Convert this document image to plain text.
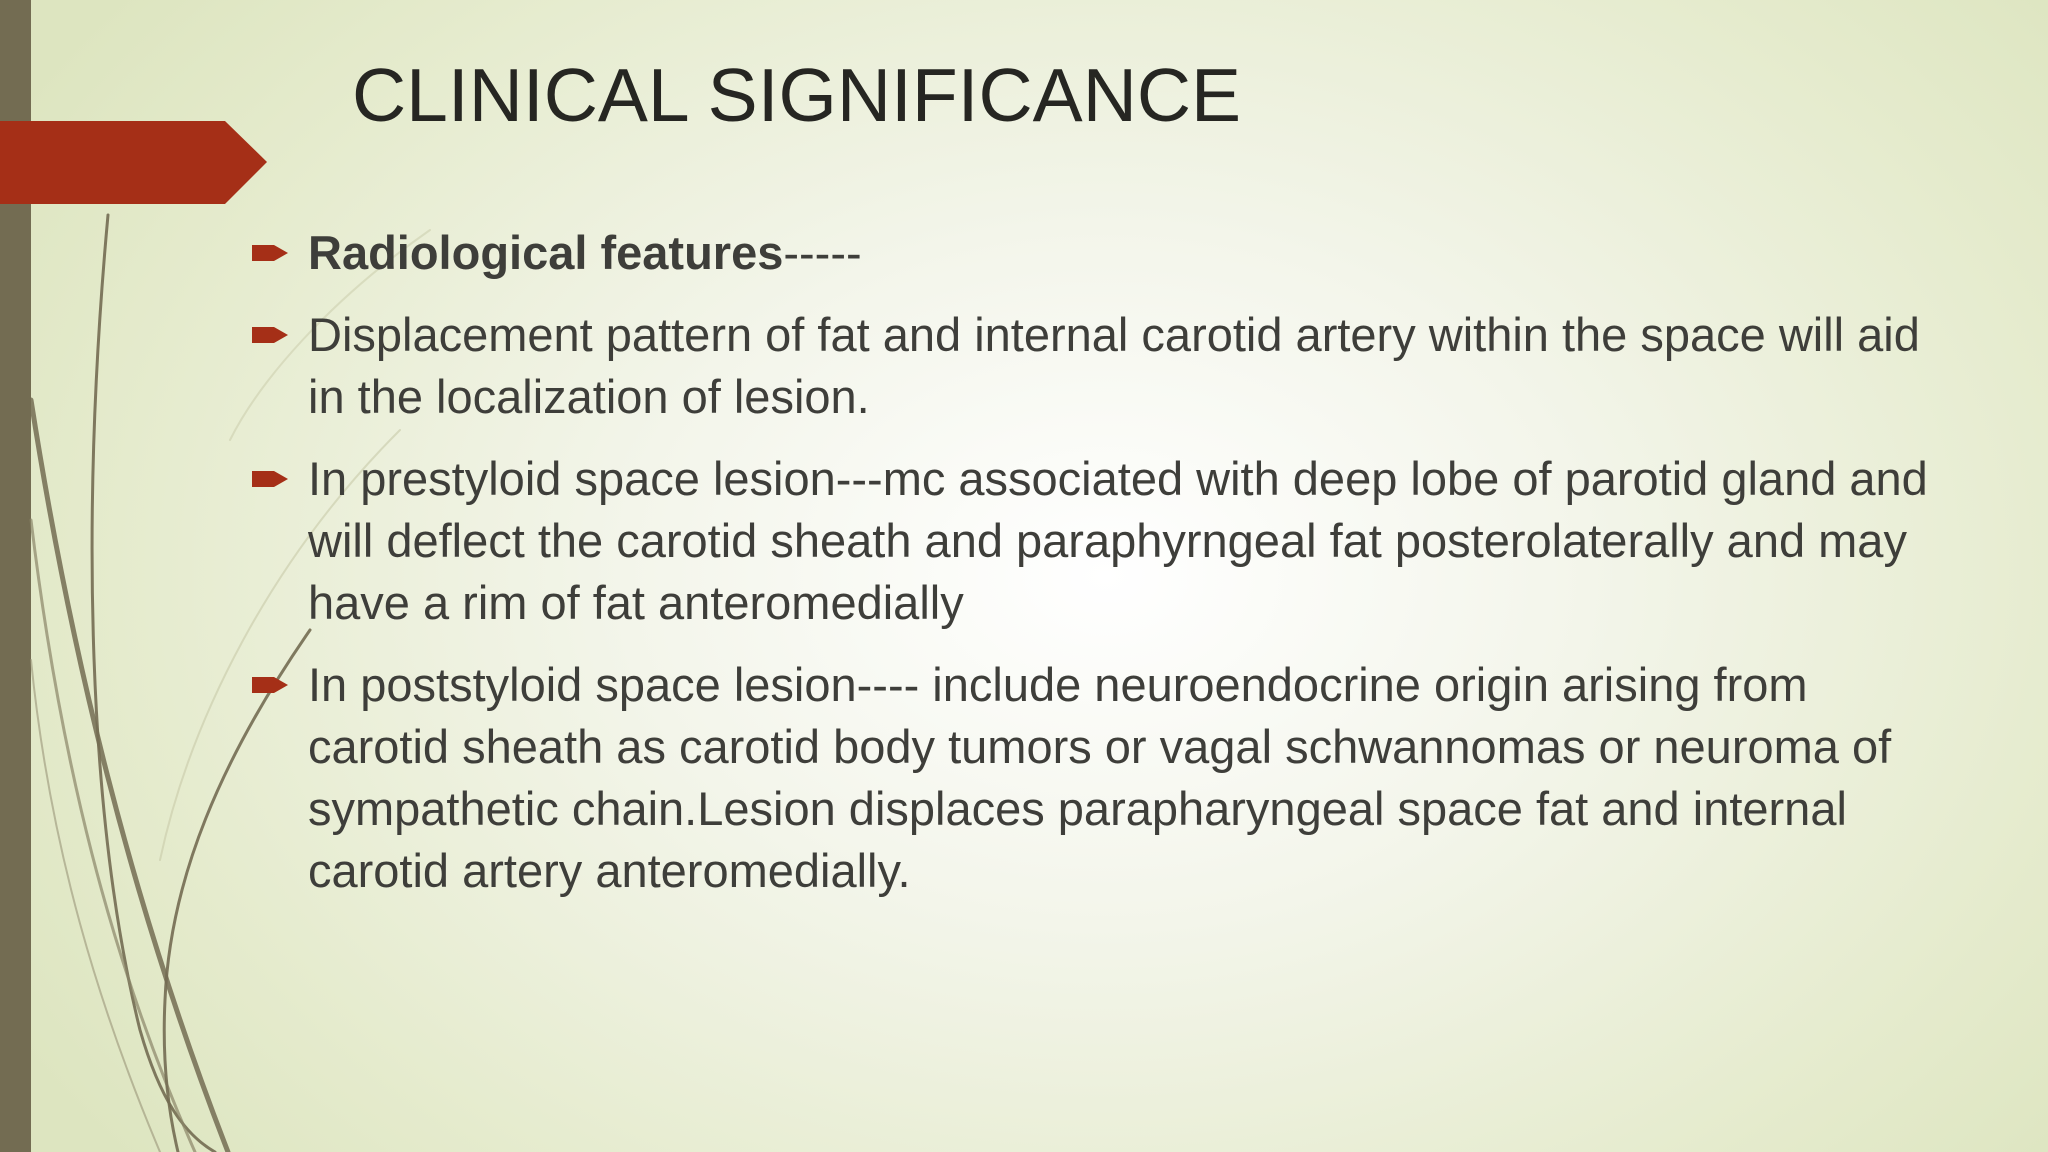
CLINICAL SIGNIFICANCE
Radiological features-----
Displacement pattern of fat and internal carotid artery within the space will aid in the localization of lesion.
In prestyloid space lesion---mc associated with deep lobe of parotid gland and will deflect the carotid sheath and paraphyrngeal fat posterolaterally and may have a rim of fat anteromedially
In poststyloid space lesion---- include neuroendocrine origin arising from carotid sheath as carotid body tumors or vagal schwannomas or neuroma of sympathetic chain.Lesion displaces parapharyngeal space fat and internal carotid artery anteromedially.
